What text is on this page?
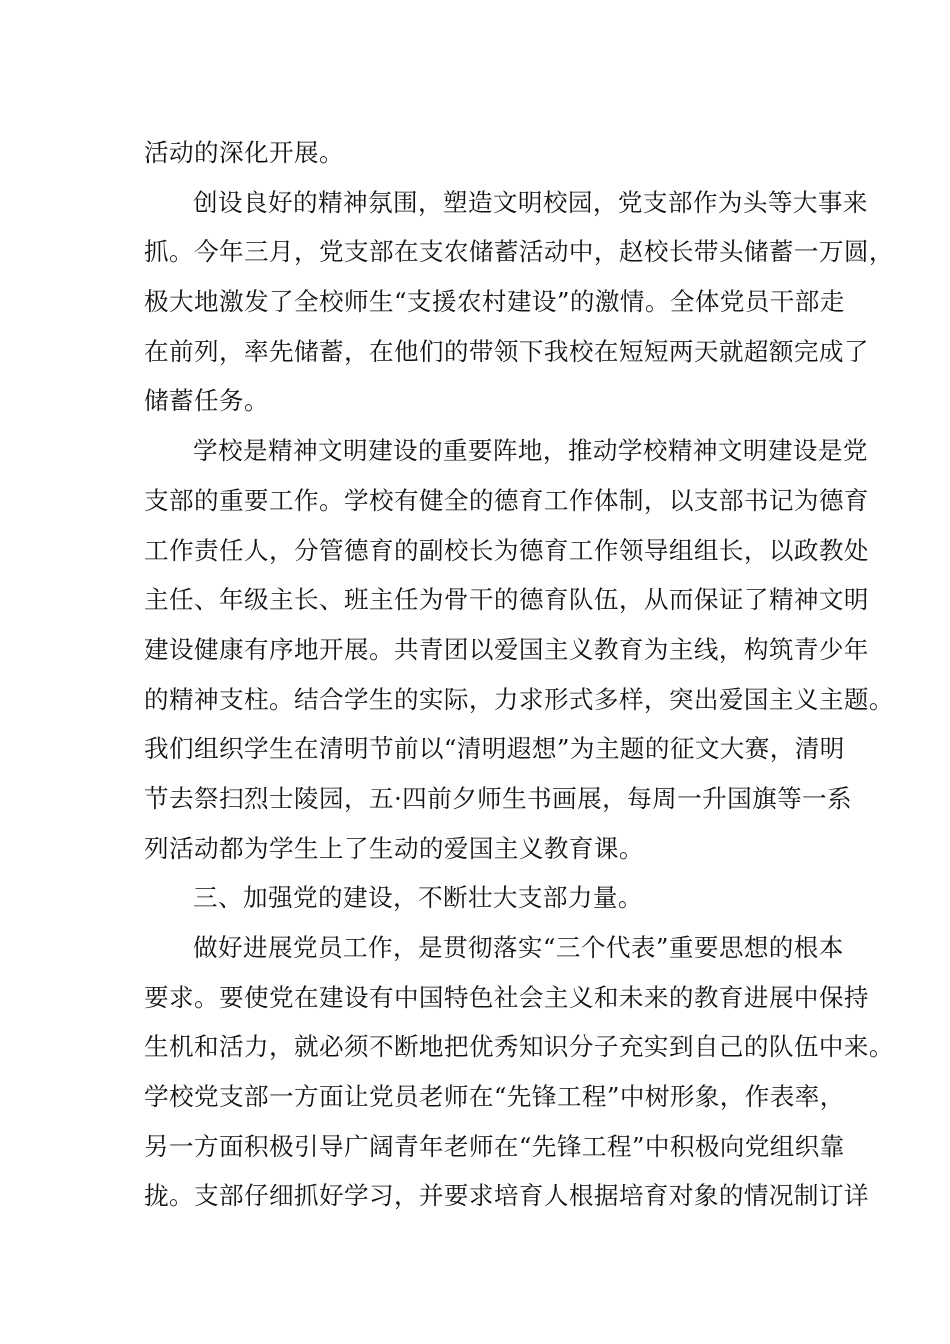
活动的深化开展。
创设良好的精神氛围，塑造文明校园，党支部作为头等大事来
抓。今年三月，党支部在支农储蓄活动中，赵校长带头储蓄一万圆，
极大地激发了全校师生“支援农村建设”的激情。全体党员干部走
在前列，率先储蓄，在他们的带领下我校在短短两天就超额完成了
储蓄任务。
学校是精神文明建设的重要阵地，推动学校精神文明建设是党
支部的重要工作。学校有健全的德育工作体制，以支部书记为德育
工作责任人，分管德育的副校长为德育工作领导组组长，以政教处
主任、年级主长、班主任为骨干的德育队伍，从而保证了精神文明
建设健康有序地开展。共青团以爱国主义教育为主线，构筑青少年
的精神支柱。结合学生的实际，力求形式多样，突出爱国主义主题。
我们组织学生在清明节前以“清明遐想”为主题的征文大赛，清明
节去祭扫烈士陵园，五·四前夕师生书画展，每周一升国旗等一系
列活动都为学生上了生动的爱国主义教育课。
三、加强党的建设，不断壮大支部力量。
做好进展党员工作，是贯彻落实“三个代表”重要思想的根本
要求。要使党在建设有中国特色社会主义和未来的教育进展中保持
生机和活力，就必须不断地把优秀知识分子充实到自己的队伍中来。
学校党支部一方面让党员老师在“先锋工程”中树形象，作表率，
另一方面积极引导广阔青年老师在“先锋工程”中积极向党组织靠
拢。支部仔细抓好学习，并要求培育人根据培育对象的情况制订详
